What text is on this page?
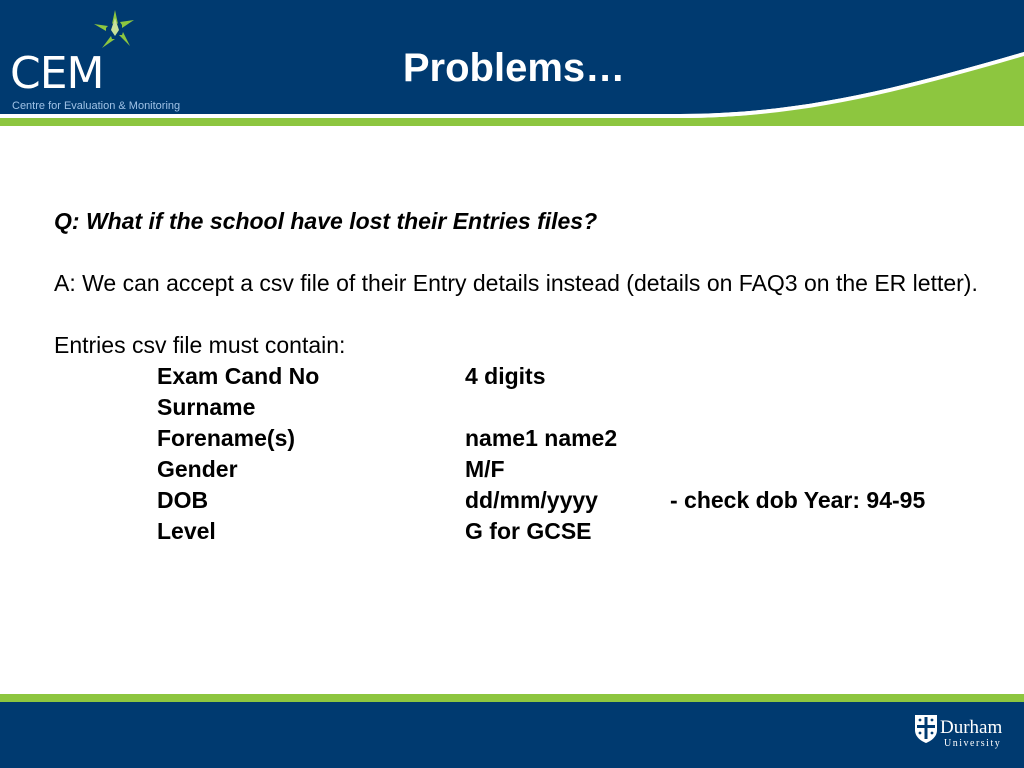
CEM
Centre for Evaluation & Monitoring
Problems…
Q: What if the school have lost their Entries files?
A: We can accept a csv file of their Entry details instead (details on FAQ3 on the ER letter).
Entries csv file must contain:
Exam Cand No	4 digits
Surname
Forename(s)	name1 name2
Gender	M/F
DOB	dd/mm/yyyy	- check dob Year: 94-95
Level	G for GCSE
Durham
University
